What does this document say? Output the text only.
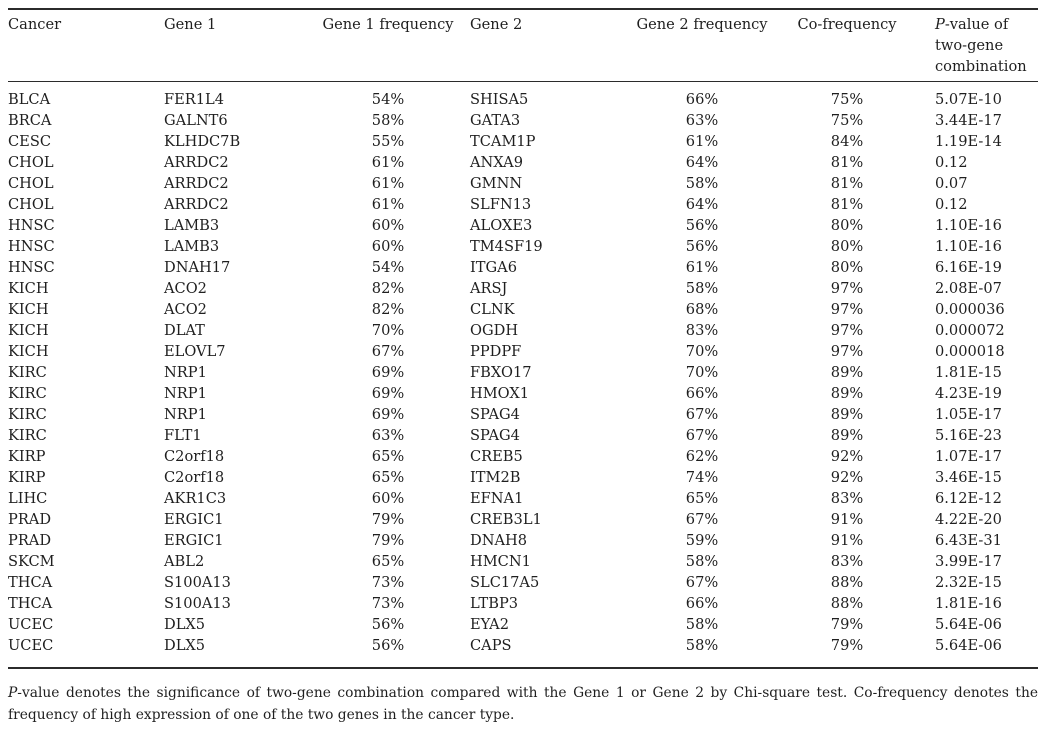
Cancer	Gene 1	Gene 1 frequency	Gene 2	Gene 2 frequency	Co-frequency	P-value of two-gene combination
BLCA	FER1L4	54%	SHISA5	66%	75%	5.07E-10
BRCA	GALNT6	58%	GATA3	63%	75%	3.44E-17
CESC	KLHDC7B	55%	TCAM1P	61%	84%	1.19E-14
CHOL	ARRDC2	61%	ANXA9	64%	81%	0.12
CHOL	ARRDC2	61%	GMNN	58%	81%	0.07
CHOL	ARRDC2	61%	SLFN13	64%	81%	0.12
HNSC	LAMB3	60%	ALOXE3	56%	80%	1.10E-16
HNSC	LAMB3	60%	TM4SF19	56%	80%	1.10E-16
HNSC	DNAH17	54%	ITGA6	61%	80%	6.16E-19
KICH	ACO2	82%	ARSJ	58%	97%	2.08E-07
KICH	ACO2	82%	CLNK	68%	97%	0.000036
KICH	DLAT	70%	OGDH	83%	97%	0.000072
KICH	ELOVL7	67%	PPDPF	70%	97%	0.000018
KIRC	NRP1	69%	FBXO17	70%	89%	1.81E-15
KIRC	NRP1	69%	HMOX1	66%	89%	4.23E-19
KIRC	NRP1	69%	SPAG4	67%	89%	1.05E-17
KIRC	FLT1	63%	SPAG4	67%	89%	5.16E-23
KIRP	C2orf18	65%	CREB5	62%	92%	1.07E-17
KIRP	C2orf18	65%	ITM2B	74%	92%	3.46E-15
LIHC	AKR1C3	60%	EFNA1	65%	83%	6.12E-12
PRAD	ERGIC1	79%	CREB3L1	67%	91%	4.22E-20
PRAD	ERGIC1	79%	DNAH8	59%	91%	6.43E-31
SKCM	ABL2	65%	HMCN1	58%	83%	3.99E-17
THCA	S100A13	73%	SLC17A5	67%	88%	2.32E-15
THCA	S100A13	73%	LTBP3	66%	88%	1.81E-16
UCEC	DLX5	56%	EYA2	58%	79%	5.64E-06
UCEC	DLX5	56%	CAPS	58%	79%	5.64E-06
P-value denotes the significance of two-gene combination compared with the Gene 1 or Gene 2 by Chi-square test. Co-frequency denotes the frequency of high expression of one of the two genes in the cancer type.
